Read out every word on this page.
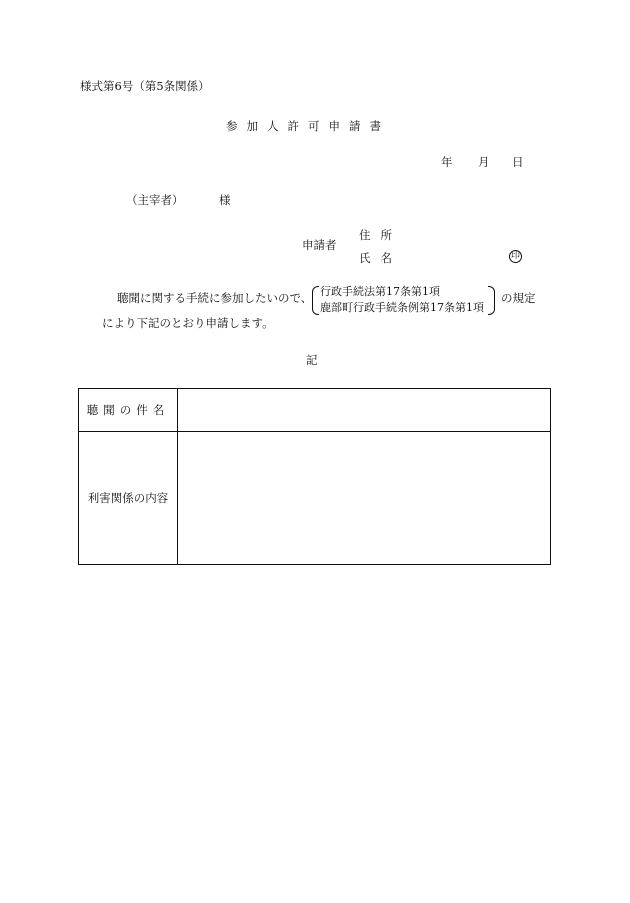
様式第6号（第5条関係）
参加人許可申請書
年 月 日
（主宰者）	様
申請者
住所
氏名	印
聴聞に関する手続に参加したいので、 行政手続法第17条第1項
鹿部町行政手続条例第17条第1項
の規定
により下記のとおり申請します。
記
聴聞の件名
利害関係の内容
